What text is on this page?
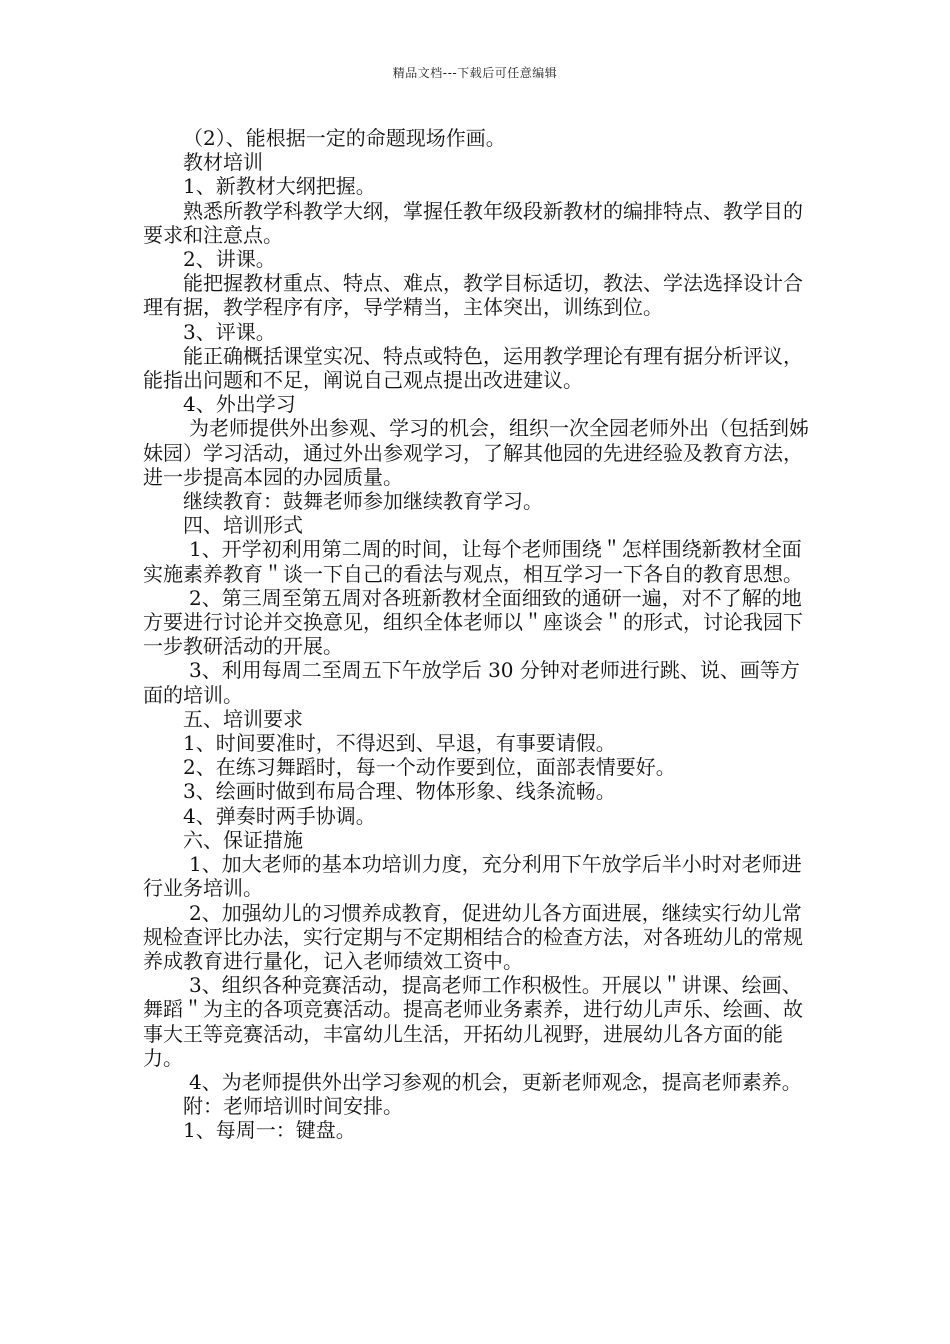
精品文档---下载后可任意编辑

（2）、能根据一定的命题现场作画。

教材培训

1、新教材大纲把握。

熟悉所教学科教学大纲，掌握任教年级段新教材的编排特点、教学目的要求和注意点。

2、讲课。

能把握教材重点、特点、难点，教学目标适切，教法、学法选择设计合理有据，教学程序有序，导学精当，主体突出，训练到位。

3、评课。

能正确概括课堂实况、特点或特色，运用教学理论有理有据分析评议，能指出问题和不足，阐说自己观点提出改进建议。

4、外出学习

为老师提供外出参观、学习的机会，组织一次全园老师外出（包括到姊妹园）学习活动，通过外出参观学习，了解其他园的先进经验及教育方法，进一步提高本园的办园质量。

继续教育：鼓舞老师参加继续教育学习。

四、培训形式

1、开学初利用第二周的时间，让每个老师围绕＂怎样围绕新教材全面实施素养教育＂谈一下自己的看法与观点，相互学习一下各自的教育思想。

2、第三周至第五周对各班新教材全面细致的通研一遍，对不了解的地方要进行讨论并交换意见，组织全体老师以＂座谈会＂的形式，讨论我园下一步教研活动的开展。

3、利用每周二至周五下午放学后 30 分钟对老师进行跳、说、画等方面的培训。

五、培训要求

1、时间要准时，不得迟到、早退，有事要请假。

2、在练习舞蹈时，每一个动作要到位，面部表情要好。

3、绘画时做到布局合理、物体形象、线条流畅。

4、弹奏时两手协调。

六、保证措施

1、加大老师的基本功培训力度，充分利用下午放学后半小时对老师进行业务培训。

2、加强幼儿的习惯养成教育，促进幼儿各方面进展，继续实行幼儿常规检查评比办法，实行定期与不定期相结合的检查方法，对各班幼儿的常规养成教育进行量化，记入老师绩效工资中。

3、组织各种竞赛活动，提高老师工作积极性。开展以＂讲课、绘画、舞蹈＂为主的各项竞赛活动。提高老师业务素养，进行幼儿声乐、绘画、故事大王等竞赛活动，丰富幼儿生活，开拓幼儿视野，进展幼儿各方面的能力。

4、为老师提供外出学习参观的机会，更新老师观念，提高老师素养。

附：老师培训时间安排。

1、每周一：键盘。
